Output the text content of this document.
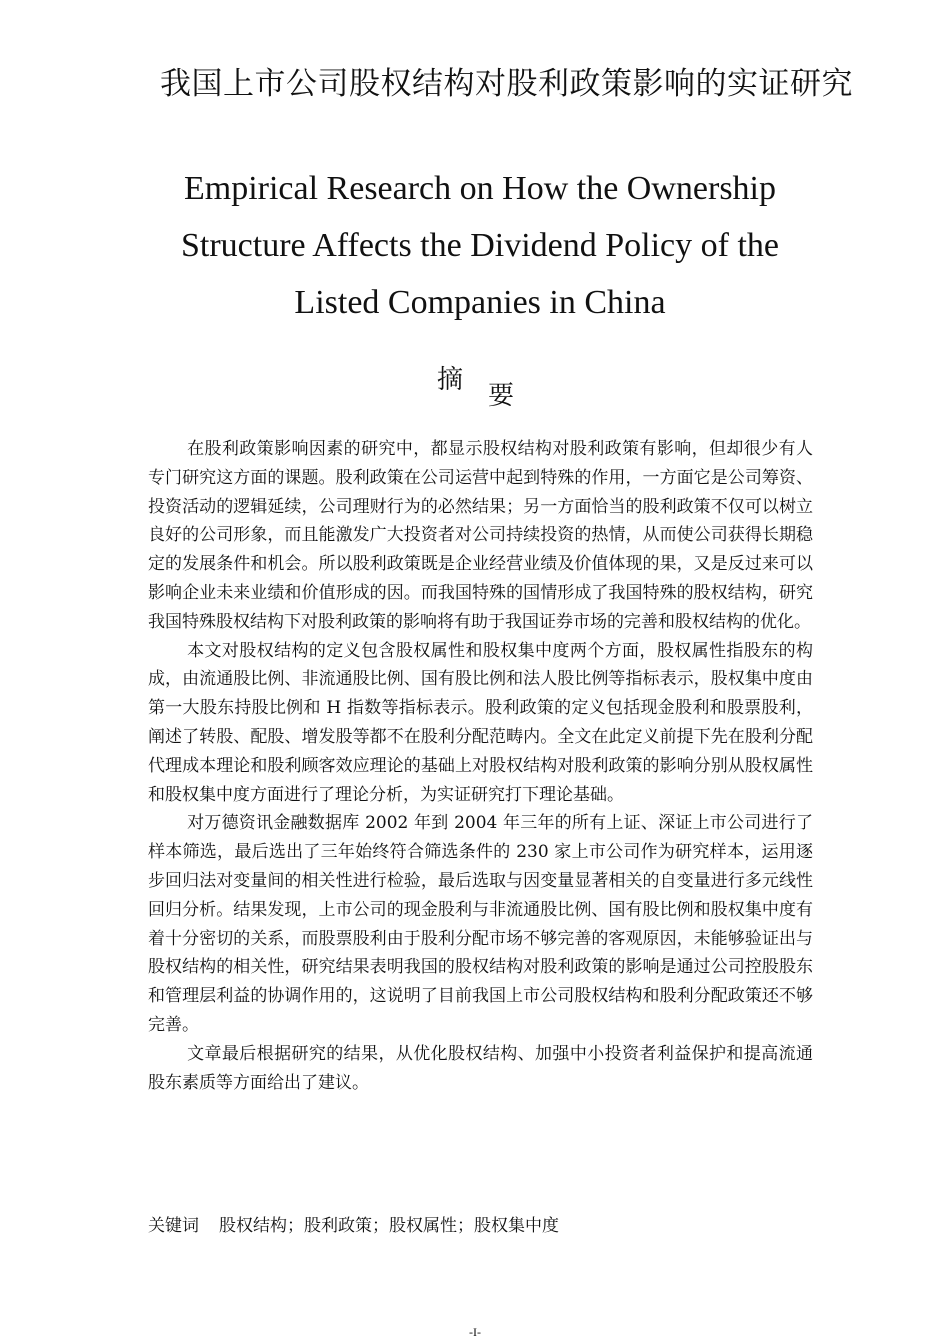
我国上市公司股权结构对股利政策影响的实证研究
Empirical Research on How the Ownership
Structure Affects the Dividend Policy of the
Listed Companies in China
摘
要

在股利政策影响因素的研究中，都显示股权结构对股利政策有影响，但却很少有人专门研究这方面的课题。股利政策在公司运营中起到特殊的作用，一方面它是公司筹资、投资活动的逻辑延续，公司理财行为的必然结果；另一方面恰当的股利政策不仅可以树立良好的公司形象，而且能激发广大投资者对公司持续投资的热情，从而使公司获得长期稳定的发展条件和机会。所以股利政策既是企业经营业绩及价值体现的果，又是反过来可以影响企业未来业绩和价值形成的因。而我国特殊的国情形成了我国特殊的股权结构，研究我国特殊股权结构下对股利政策的影响将有助于我国证券市场的完善和股权结构的优化。

本文对股权结构的定义包含股权属性和股权集中度两个方面，股权属性指股东的构成，由流通股比例、非流通股比例、国有股比例和法人股比例等指标表示，股权集中度由第一大股东持股比例和 H 指数等指标表示。股利政策的定义包括现金股利和股票股利，阐述了转股、配股、增发股等都不在股利分配范畴内。全文在此定义前提下先在股利分配代理成本理论和股利顾客效应理论的基础上对股权结构对股利政策的影响分别从股权属性和股权集中度方面进行了理论分析，为实证研究打下理论基础。

对万德资讯金融数据库 2002 年到 2004 年三年的所有上证、深证上市公司进行了样本筛选，最后选出了三年始终符合筛选条件的 230 家上市公司作为研究样本，运用逐步回归法对变量间的相关性进行检验，最后选取与因变量显著相关的自变量进行多元线性回归分析。结果发现，上市公司的现金股利与非流通股比例、国有股比例和股权集中度有着十分密切的关系，而股票股利由于股利分配市场不够完善的客观原因，未能够验证出与股权结构的相关性，研究结果表明我国的股权结构对股利政策的影响是通过公司控股股东和管理层利益的协调作用的，这说明了目前我国上市公司股权结构和股利分配政策还不够完善。

文章最后根据研究的结果，从优化股权结构、加强中小投资者利益保护和提高流通股东素质等方面给出了建议。

关键词 股权结构；股利政策；股权属性；股权集中度
-I-
